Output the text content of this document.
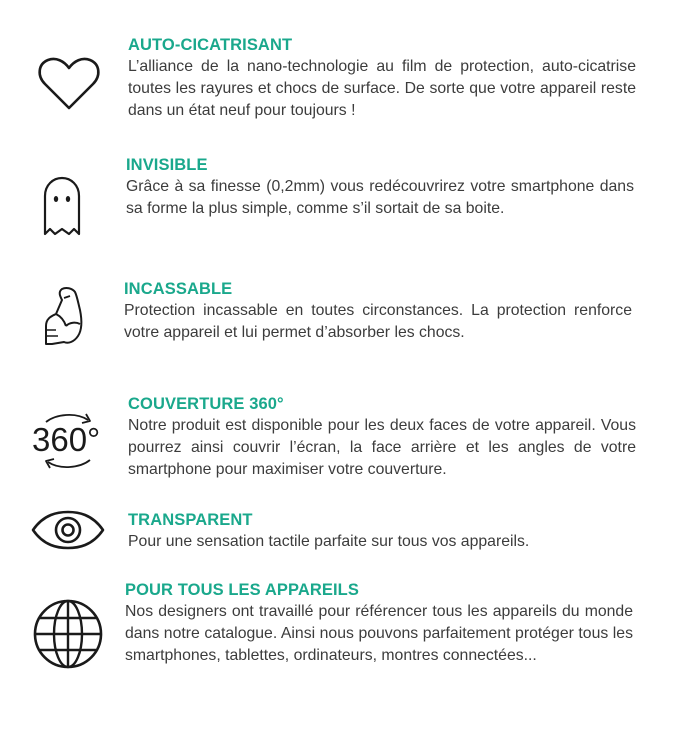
AUTO-CICATRISANT

L’alliance de la nano-technologie au film de protection, auto-cicatrise toutes les rayures et chocs de surface. De sorte que votre appareil reste dans un état neuf pour toujours !

INVISIBLE

Grâce à sa finesse (0,2mm) vous redécouvrirez votre smartphone dans sa forme la plus simple, comme s’il sortait de sa boite.

INCASSABLE

Protection incassable en toutes circonstances. La protection renforce votre appareil et lui permet d’absorber les chocs.

360°
COUVERTURE 360°

Notre produit est disponible pour les deux faces de votre appareil. Vous pourrez ainsi couvrir l’écran, la face arrière et les angles de votre smartphone pour maximiser votre couverture.

TRANSPARENT

Pour une sensation tactile parfaite sur tous vos appareils.

POUR TOUS LES APPAREILS

Nos designers ont travaillé pour référencer tous les appareils du monde dans notre catalogue. Ainsi nous pouvons parfaitement protéger tous les smartphones, tablettes, ordinateurs, montres connectées...
